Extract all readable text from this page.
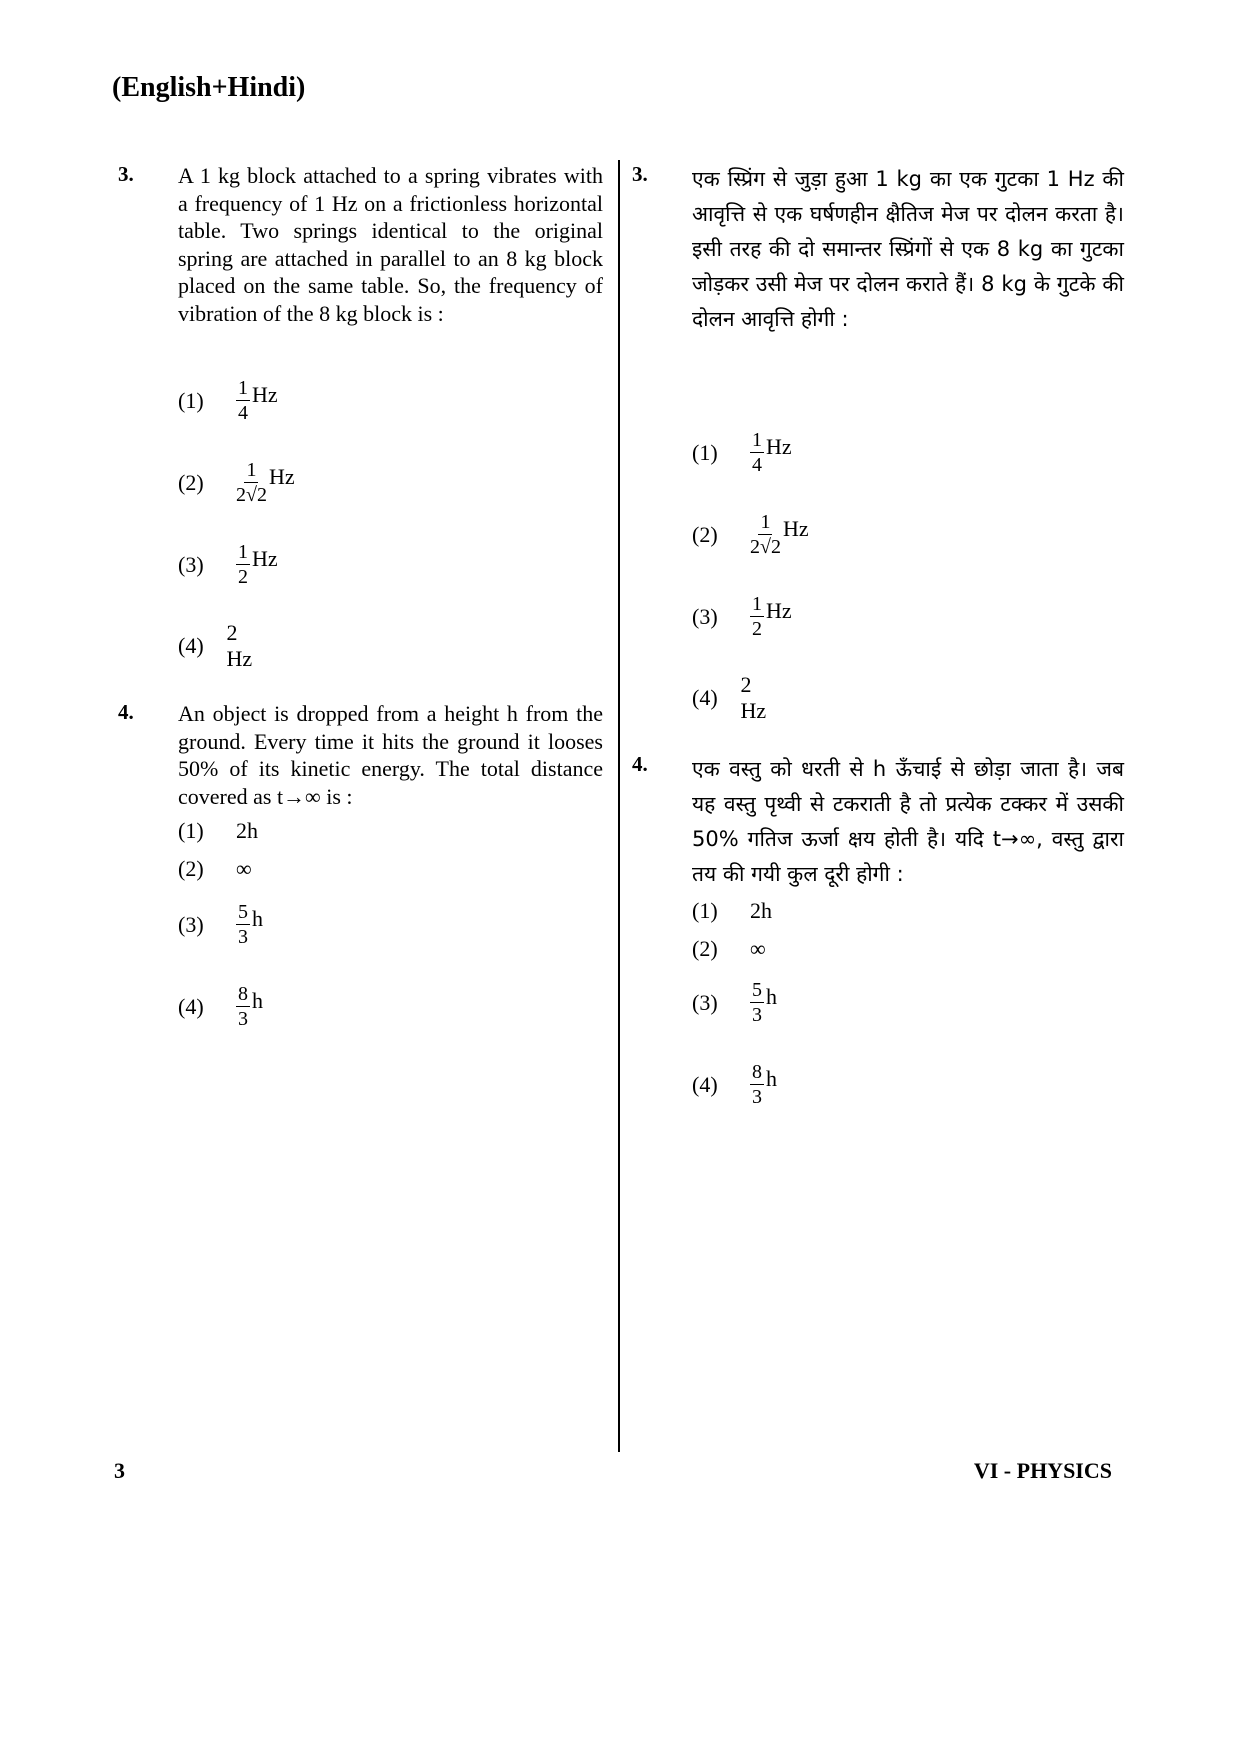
(English+Hindi)
3. A 1 kg block attached to a spring vibrates with a frequency of 1 Hz on a frictionless horizontal table. Two springs identical to the original spring are attached in parallel to an 8 kg block placed on the same table. So, the frequency of vibration of the 8 kg block is :
(1)	$\frac{1}{4}$ Hz
(2)	$\frac{1}{2√2}$ Hz
(3)	$\frac{1}{2}$ Hz
(4)
2 Hz
4. An object is dropped from a height h from the ground. Every time it hits the ground it looses 50% of its kinetic energy. The total distance covered as t→∞ is :
(1)	2h
(2)	∞
(3)	$\frac{5}{3}$ h
(4)	$\frac{8}{3}$ h
3. एक स्प्रिंग से जुड़ा हुआ 1 kg का एक गुटका 1 Hz की आवृत्ति से एक घर्षणहीन क्षैतिज मेज पर दोलन करता है। इसी तरह की दो समान्तर स्प्रिंगों से एक 8 kg का गुटका जोड़कर उसी मेज पर दोलन कराते हैं। 8 kg के गुटके की दोलन आवृत्ति होगी :
(1)	$\frac{1}{4}$ Hz
(2)	$\frac{1}{2√2}$ Hz
(3)	$\frac{1}{2}$ Hz
(4)
2 Hz
4. एक वस्तु को धरती से h ऊँचाई से छोड़ा जाता है। जब यह वस्तु पृथ्वी से टकराती है तो प्रत्येक टक्कर में उसकी 50% गतिज ऊर्जा क्षय होती है। यदि t→∞, वस्तु द्वारा तय की गयी कुल दूरी होगी :
(1)	2h
(2)	∞
(3)	$\frac{5}{3}$ h
(4)	$\frac{8}{3}$ h
3	VI - PHYSICS
